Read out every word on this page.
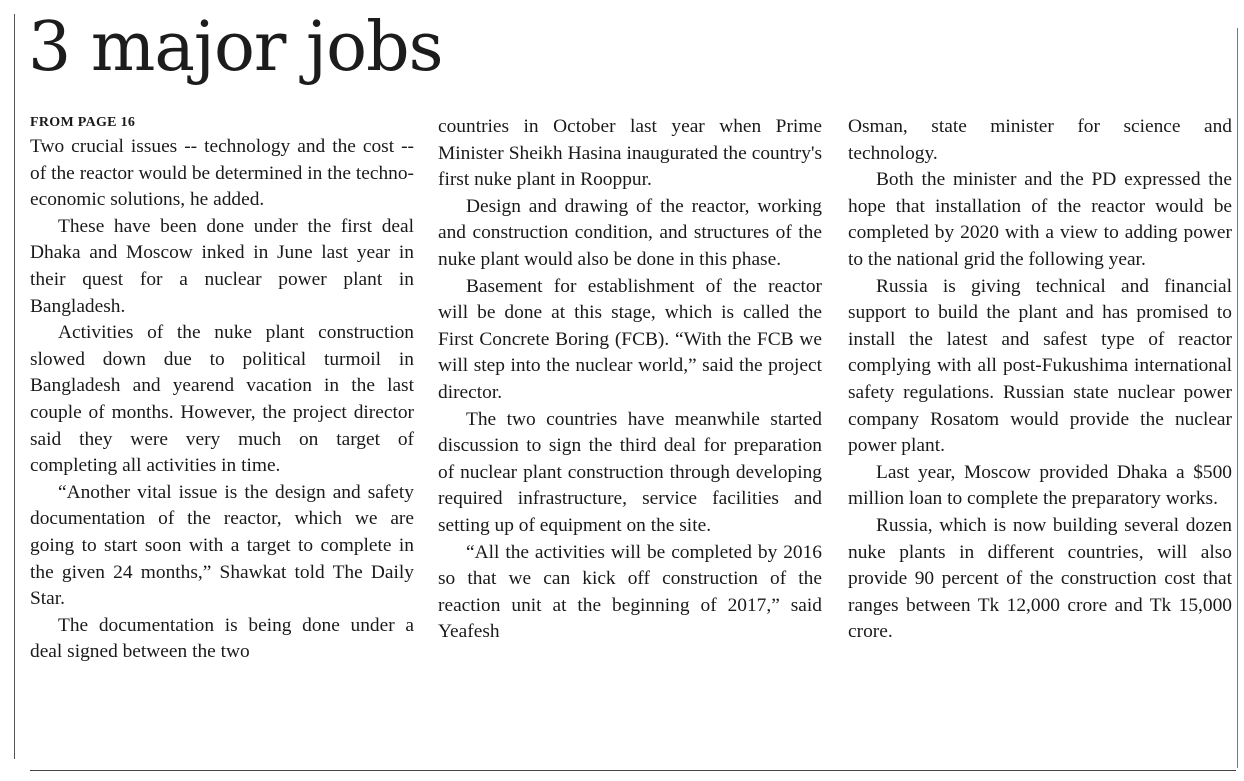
3 major jobs

FROM PAGE 16

Two crucial issues -- technology and the cost -- of the reactor would be determined in the techno-economic solutions, he added.

These have been done under the first deal Dhaka and Moscow inked in June last year in their quest for a nuclear power plant in Bangladesh.

Activities of the nuke plant construction slowed down due to political turmoil in Bangladesh and yearend vacation in the last couple of months. However, the project director said they were very much on target of completing all activities in time.

“Another vital issue is the design and safety documentation of the reactor, which we are going to start soon with a target to complete in the given 24 months,” Shawkat told The Daily Star.

The documentation is being done under a deal signed between the two

countries in October last year when Prime Minister Sheikh Hasina inaugurated the country's first nuke plant in Rooppur.

Design and drawing of the reactor, working and construction condition, and structures of the nuke plant would also be done in this phase.

Basement for establishment of the reactor will be done at this stage, which is called the First Concrete Boring (FCB). “With the FCB we will step into the nuclear world,” said the project director.

The two countries have meanwhile started discussion to sign the third deal for preparation of nuclear plant construction through developing required infrastructure, service facilities and setting up of equipment on the site.

“All the activities will be completed by 2016 so that we can kick off construction of the reaction unit at the beginning of 2017,” said Yeafesh

Osman, state minister for science and technology.

Both the minister and the PD expressed the hope that installation of the reactor would be completed by 2020 with a view to adding power to the national grid the following year.

Russia is giving technical and financial support to build the plant and has promised to install the latest and safest type of reactor complying with all post-Fukushima international safety regulations. Russian state nuclear power company Rosatom would provide the nuclear power plant.

Last year, Moscow provided Dhaka a $500 million loan to complete the preparatory works.

Russia, which is now building several dozen nuke plants in different countries, will also provide 90 percent of the construction cost that ranges between Tk 12,000 crore and Tk 15,000 crore.
